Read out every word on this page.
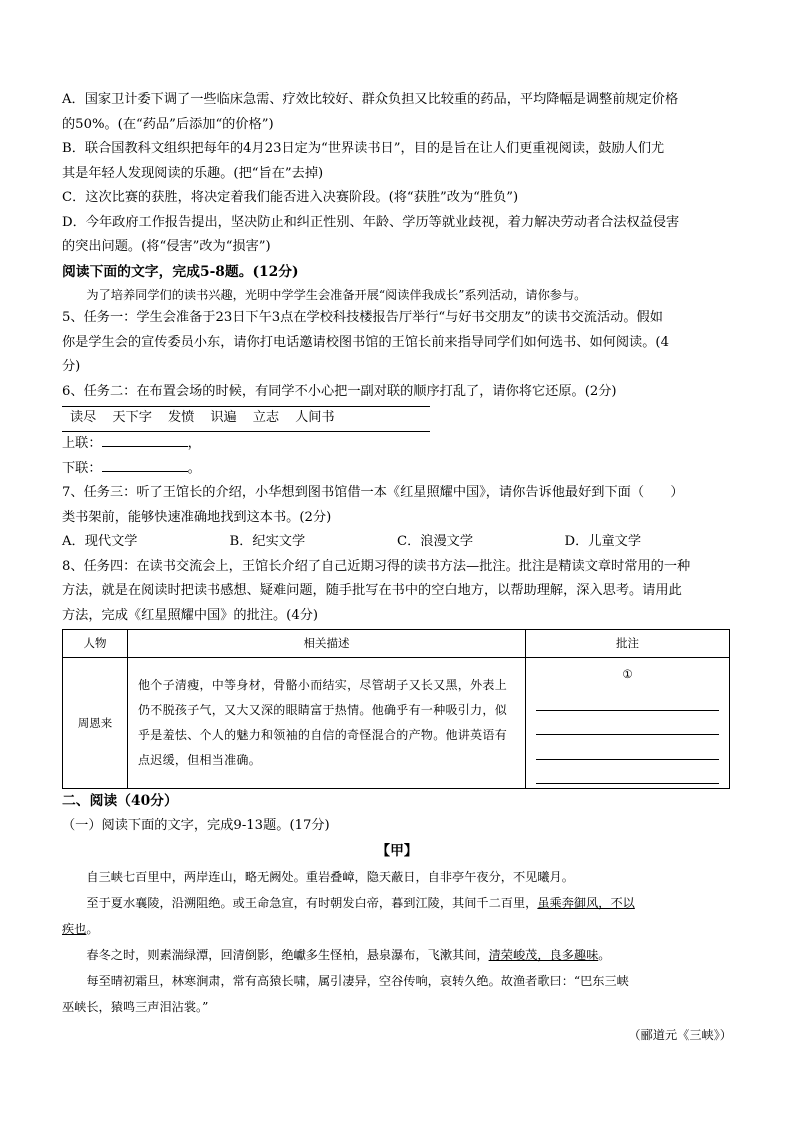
A．国家卫计委下调了一些临床急需、疗效比较好、群众负担又比较重的药品，平均降幅是调整前规定价格

的50%。(在“药品”后添加“的价格”)

B．联合国教科文组织把每年的4月23日定为“世界读书日”，目的是旨在让人们更重视阅读，鼓励人们尤

其是年轻人发现阅读的乐趣。(把“旨在”去掉)

C．这次比赛的获胜，将决定着我们能否进入决赛阶段。(将“获胜”改为“胜负”)

D．今年政府工作报告提出，坚决防止和纠正性别、年龄、学历等就业歧视，着力解决劳动者合法权益侵害

的突出问题。(将“侵害”改为“损害”)

阅读下面的文字，完成5-8题。(12分)

为了培养同学们的读书兴趣，光明中学学生会准备开展“阅读伴我成长”系列活动，请你参与。

5、任务一：学生会准备于23日下午3点在学校科技楼报告厅举行“与好书交朋友”的读书交流活动。假如

你是学生会的宣传委员小东，请你打电话邀请校图书馆的王馆长前来指导同学们如何选书、如何阅读。(4

分)

6、任务二：在布置会场的时候，有同学不小心把一副对联的顺序打乱了，请你将它还原。(2分)

读尽 天下字 发愤 识遍 立志 人间书

上联：	，

下联：	。

7、任务三：听了王馆长的介绍，小华想到图书馆借一本《红星照耀中国》，请你告诉他最好到下面（　　）

类书架前，能够快速准确地找到这本书。(2分)

A．现代文学	B．纪实文学	C．浪漫文学	D．儿童文学

8、任务四：在读书交流会上，王馆长介绍了自己近期习得的读书方法—批注。批注是精读文章时常用的一种

方法，就是在阅读时把读书感想、疑难问题，随手批写在书中的空白地方，以帮助理解，深入思考。请用此

方法，完成《红星照耀中国》的批注。(4分)

人物	相关描述	批注
周恩来	他个子清瘦，中等身材，骨骼小而结实，尽管胡子又长又黑，外表上仍不脱孩子气，又大又深的眼睛富于热情。他确乎有一种吸引力，似乎是羞怯、个人的魅力和领袖的自信的奇怪混合的产物。他讲英语有点迟缓，但相当准确。	①

二、阅读（40分）

（一）阅读下面的文字，完成9-13题。(17分)

【甲】

自三峡七百里中，两岸连山，略无阙处。重岩叠嶂，隐天蔽日，自非亭午夜分，不见曦月。

至于夏水襄陵，沿溯阻绝。或王命急宣，有时朝发白帝，暮到江陵，其间千二百里，虽乘奔御风，不以
疾也。

春冬之时，则素湍绿潭，回清倒影，绝巘多生怪柏，悬泉瀑布，飞漱其间，清荣峻茂，良多趣味。

每至晴初霜旦，林寒涧肃，常有高猿长啸，属引凄异，空谷传响，哀转久绝。故渔者歌曰：“巴东三峡
巫峡长，猿鸣三声泪沾裳。”

（郦道元《三峡》）
